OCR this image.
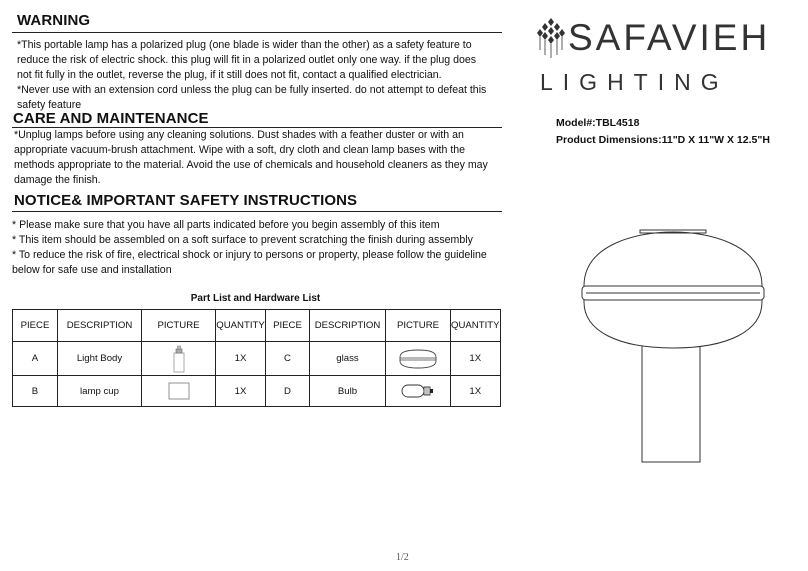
WARNING

*This portable lamp has a polarized plug (one blade is wider than the other) as a safety feature to

reduce the risk of electric shock. this plug will fit in a polarized outlet only one way. if the plug does

not fit fully in the outlet, reverse the plug, if it still does not fit, contact a qualified electrician.

*Never use with an extension cord unless the plug can be fully inserted. do not attempt to defeat this

safety feature

CARE AND MAINTENANCE

*Unplug lamps before using any cleaning solutions. Dust shades with a feather duster or with an

appropriate vacuum-brush attachment. Wipe with a soft, dry cloth and clean lamp bases with the

methods appropriate to the material. Avoid the use of chemicals and household cleaners as they may

damage the finish.

NOTICE& IMPORTANT SAFETY INSTRUCTIONS

* Please make sure that you have all parts indicated before you begin assembly of this item

* This item should be assembled on a soft surface to prevent scratching the finish during assembly

* To reduce the risk of fire, electrical shock or injury to persons or property, please follow the guideline

below for safe use and installation

Part List and Hardware List
PIECE	DESCRIPTION	PICTURE	QUANTITY	PIECE	DESCRIPTION	PICTURE	QUANTITY
A	Light Body		1X	C	glass		1X
B	lamp cup		1X	D	Bulb		1X
SAFAVIEH
LIGHTING
Model#:TBL4518
Product Dimensions:11"D X 11"W X 12.5"H
1/2
